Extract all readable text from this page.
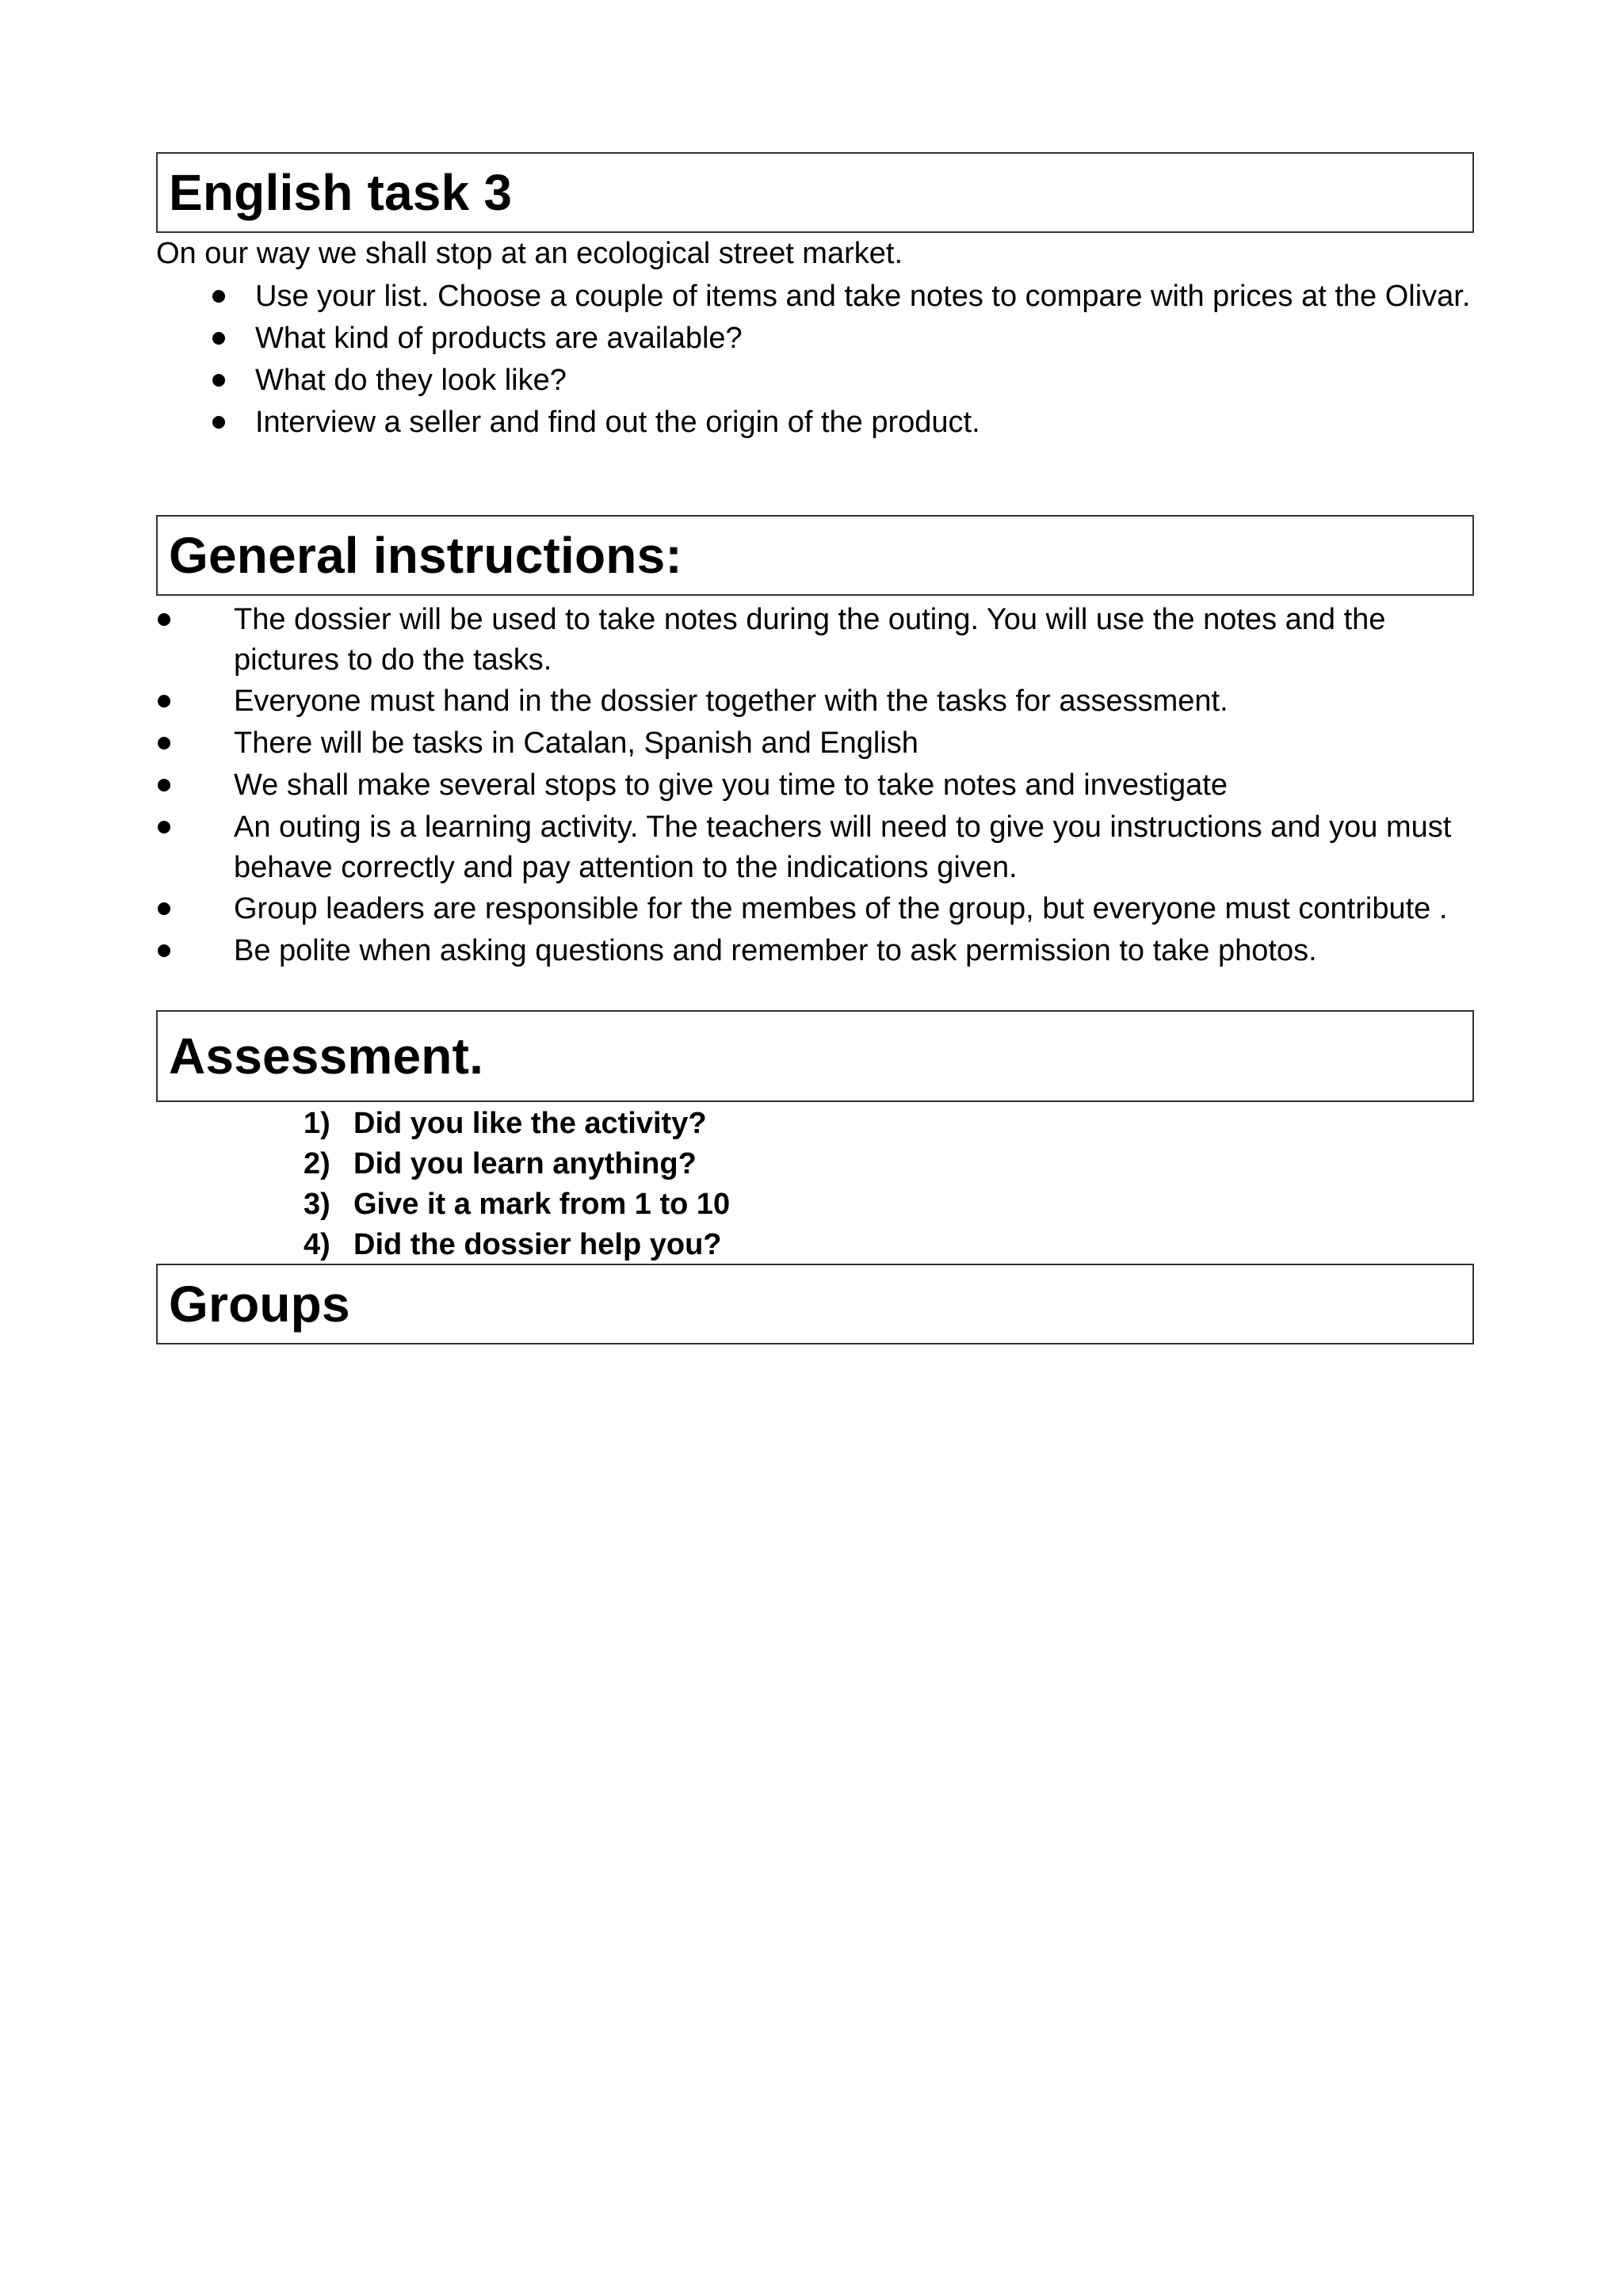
English task 3
On our way we shall stop at an ecological street market.
Use your list. Choose a couple of items and take notes to compare with prices at the Olivar.
What kind of products are available?
What do they look like?
Interview a seller and find out the origin of the product.
General instructions:
The dossier will be used to take notes during the outing. You will use the notes and the
pictures to do the tasks.
Everyone must hand in the dossier together with the tasks for assessment.
There will be tasks in Catalan, Spanish and English
We shall make several stops to give you time to take notes and investigate
An outing is a learning activity. The teachers will need to give you instructions and you must
behave correctly and pay attention to the indications given.
Group leaders are responsible for the membes of the group, but everyone must contribute .
Be polite when asking questions and remember to ask permission to take photos.
Assessment.
1) Did you like the activity?
2) Did you learn anything?
3) Give it a mark from 1 to 10
4) Did the dossier help you?
Groups
